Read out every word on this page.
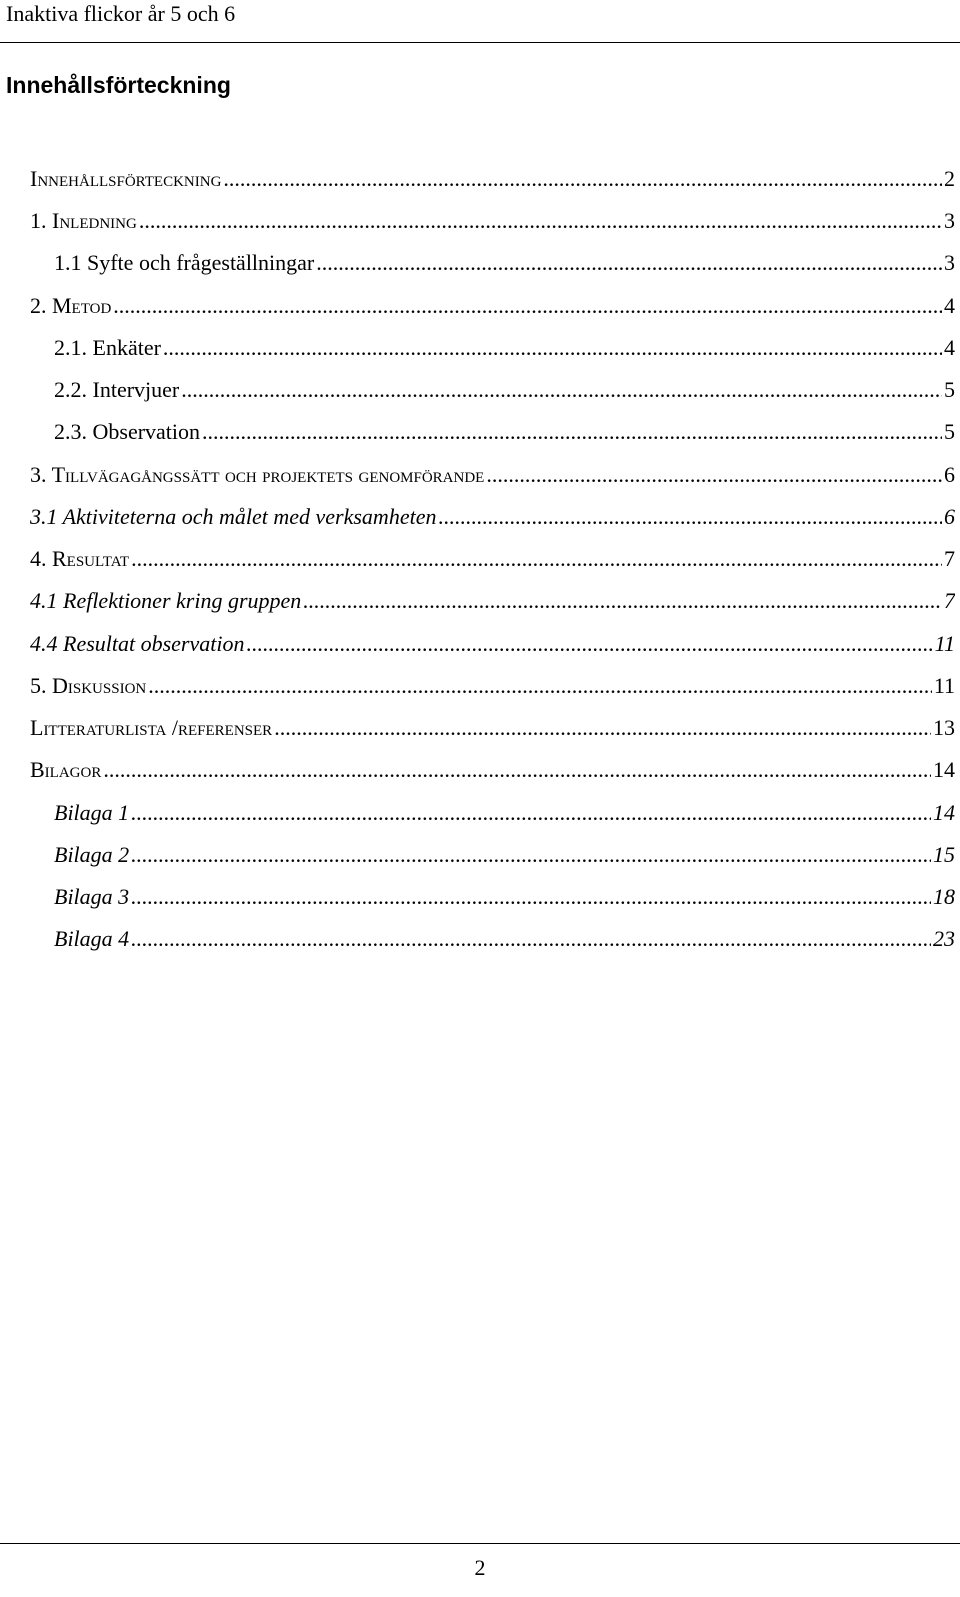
Inaktiva flickor år 5 och 6
Innehållsförteckning
Innehållsförteckning .....	2
1. Inledning .....	3
1.1 Syfte och frågeställningar .....	3
2. Metod .....	4
2.1. Enkäter .....	4
2.2. Intervjuer .....	5
2.3. Observation .....	5
3. Tillvägagångssätt och projektets genomförande .....	6
3.1 Aktiviteterna och målet med verksamheten .....	6
4. Resultat .....	7
4.1 Reflektioner kring gruppen .....	7
4.4 Resultat observation .....	11
5. Diskussion .....	11
Litteraturlista /referenser .....	13
Bilagor .....	14
Bilaga 1 .....	14
Bilaga 2 .....	15
Bilaga 3 .....	18
Bilaga 4 .....	23
2
